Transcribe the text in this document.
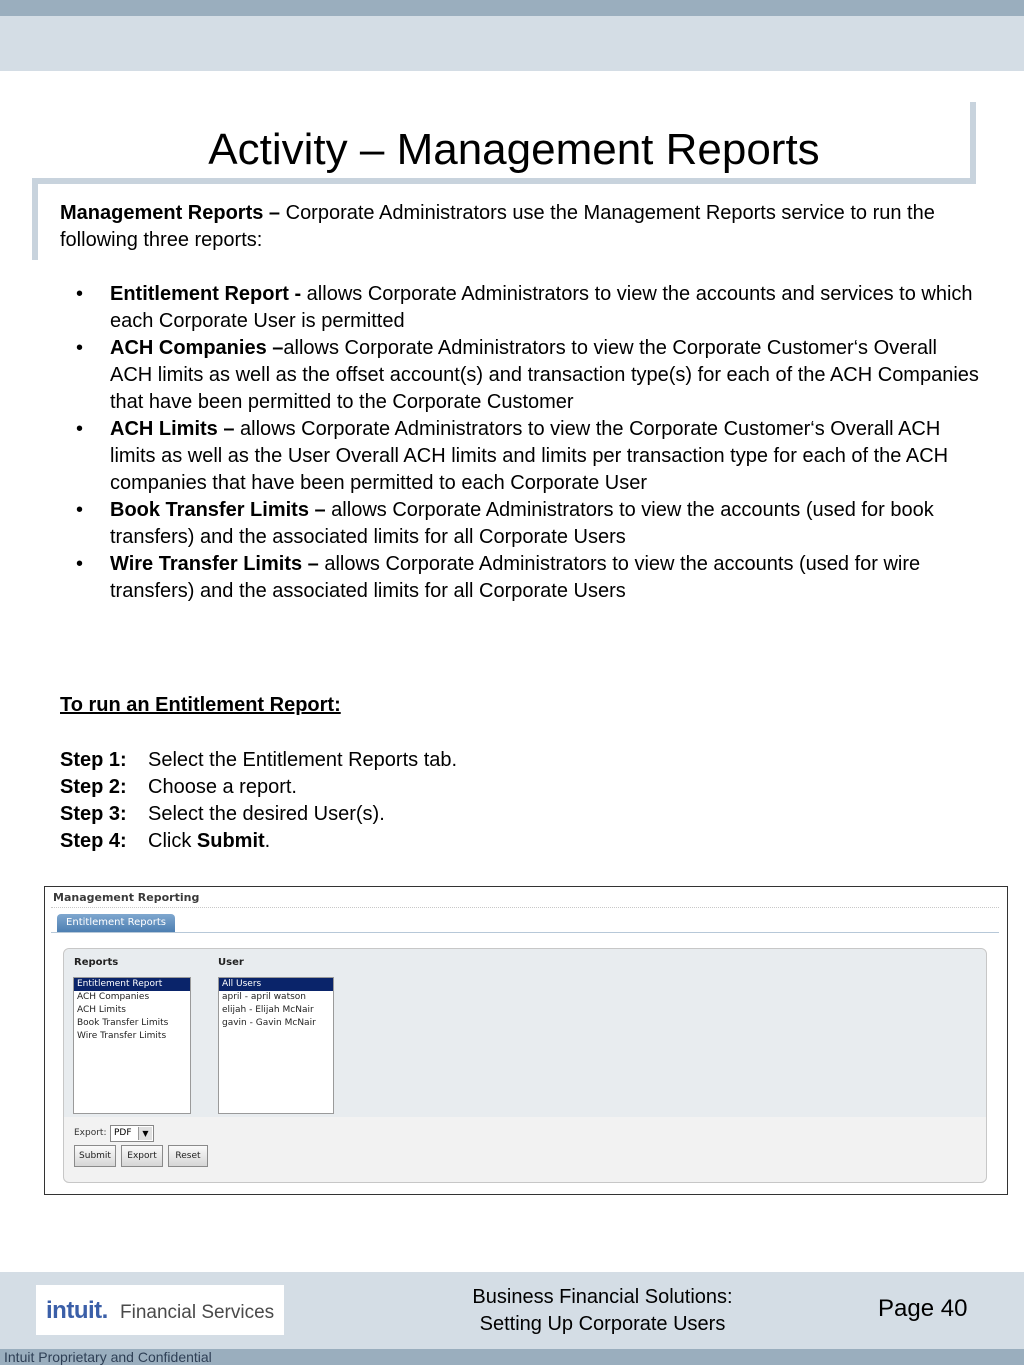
Activity – Management Reports

Management Reports – Corporate Administrators use the Management Reports service to run the following three reports:

• Entitlement Report - allows Corporate Administrators to view the accounts and services to which each Corporate User is permitted
• ACH Companies –allows Corporate Administrators to view the Corporate Customer‘s Overall ACH limits as well as the offset account(s) and transaction type(s) for each of the ACH Companies that have been permitted to the Corporate Customer
• ACH Limits – allows Corporate Administrators to view the Corporate Customer‘s Overall ACH limits as well as the User Overall ACH limits and limits per transaction type for each of the ACH companies that have been permitted to each Corporate User
• Book Transfer Limits – allows Corporate Administrators to view the accounts (used for book transfers) and the associated limits for all Corporate Users
• Wire Transfer Limits – allows Corporate Administrators to view the accounts (used for wire transfers) and the associated limits for all Corporate Users
To run an Entitlement Report:
Step 1: Select the Entitlement Reports tab.
Step 2: Choose a report.
Step 3: Select the desired User(s).
Step 4: Click Submit.
Management Reporting
Entitlement Reports
Reports	User
Entitlement Report
ACH Companies
ACH Limits
Book Transfer Limits
Wire Transfer Limits
All Users
april - april watson
elijah - Elijah McNair
gavin - Gavin McNair
Export: PDF	▼
Submit	Export	Reset
intuit. Financial Services
Business Financial Solutions:
Setting Up Corporate Users
Page 40
Intuit Proprietary and Confidential
